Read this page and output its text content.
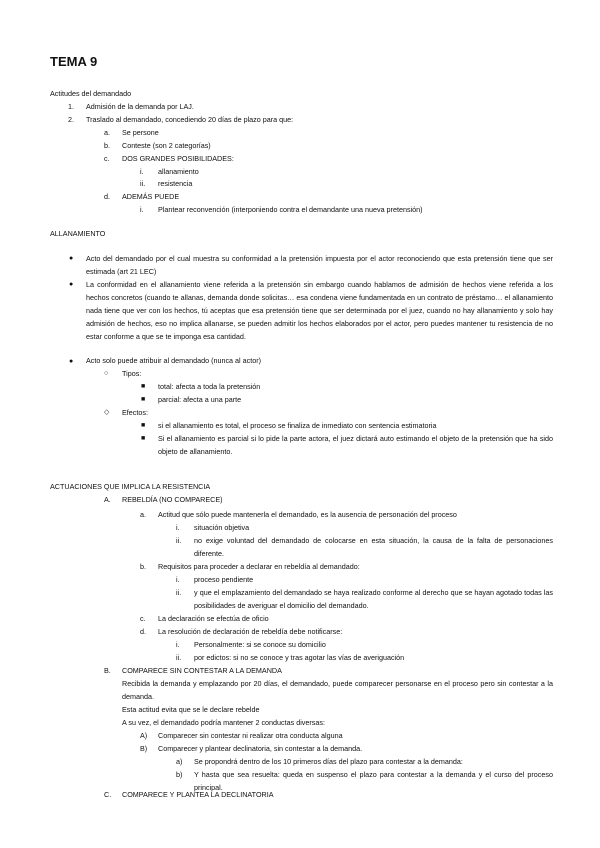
TEMA 9
Actitudes del demandado
1. Admisión de la demanda por LAJ.
2. Traslado al demandado, concediendo 20 días de plazo para que:
a. Se persone
b. Conteste (son 2 categorías)
c. DOS GRANDES POSIBILIDADES:
i. allanamiento
ii. resistencia
d. ADEMÁS PUEDE
i. Plantear reconvención (interponiendo contra el demandante una nueva pretensión)
ALLANAMIENTO
● Acto del demandado por el cual muestra su conformidad a la pretensión impuesta por el actor reconociendo que esta pretensión tiene que ser estimada (art 21 LEC)
● La conformidad en el allanamiento viene referida a la pretensión sin embargo cuando hablamos de admisión de hechos viene referida a los hechos concretos (cuando te allanas, demanda donde solicitas… esa condena viene fundamentada en un contrato de préstamo… el allanamiento nada tiene que ver con los hechos, tú aceptas que esa pretensión tiene que ser determinada por el juez, cuando no hay allanamiento y solo hay admisión de hechos, eso no implica allanarse, se pueden admitir los hechos elaborados por el actor, pero puedes mantener tu resistencia de no estar conforme a que se te imponga esa cantidad.
● Acto solo puede atribuir al demandado (nunca al actor)
○ Tipos:
■ total: afecta a toda la pretensión
■ parcial: afecta a una parte
◇ Efectos:
■ si el allanamiento es total, el proceso se finaliza de inmediato con sentencia estimatoria
■ Si el allanamiento es parcial si lo pide la parte actora, el juez dictará auto estimando el objeto de la pretensión que ha sido objeto de allanamiento.
ACTUACIONES QUE IMPLICA LA RESISTENCIA
A. REBELDÍA (NO COMPARECE)
a. Actitud que sólo puede mantenerla el demandado, es la ausencia de personación del proceso
i. situación objetiva
ii. no exige voluntad del demandado de colocarse en esta situación, la causa de la falta de personaciones diferente.
b. Requisitos para proceder a declarar en rebeldía al demandado:
i. proceso pendiente
ii. y que el emplazamiento del demandado se haya realizado conforme al derecho que se hayan agotado todas las posibilidades de averiguar el domicilio del demandado.
c. La declaración se efectúa de oficio
d. La resolución de declaración de rebeldía debe notificarse:
i. Personalmente: si se conoce su domicilio
ii. por edictos: si no se conoce y tras agotar las vías de averiguación
B. COMPARECE SIN CONTESTAR A LA DEMANDA
Recibida la demanda y emplazando por 20 días, el demandado, puede comparecer personarse en el proceso pero sin contestar a la demanda.
Esta actitud evita que se le declare rebelde
A su vez, el demandado podría mantener 2 conductas diversas:
A) Comparecer sin contestar ni realizar otra conducta alguna
B) Comparecer y plantear declinatoria, sin contestar a la demanda.
a) Se propondrá dentro de los 10 primeros días del plazo para contestar a la demanda:
b) Y hasta que sea resuelta: queda en suspenso el plazo para contestar a la demanda y el curso del proceso principal.
C. COMPARECE Y PLANTEA LA DECLINATORIA
